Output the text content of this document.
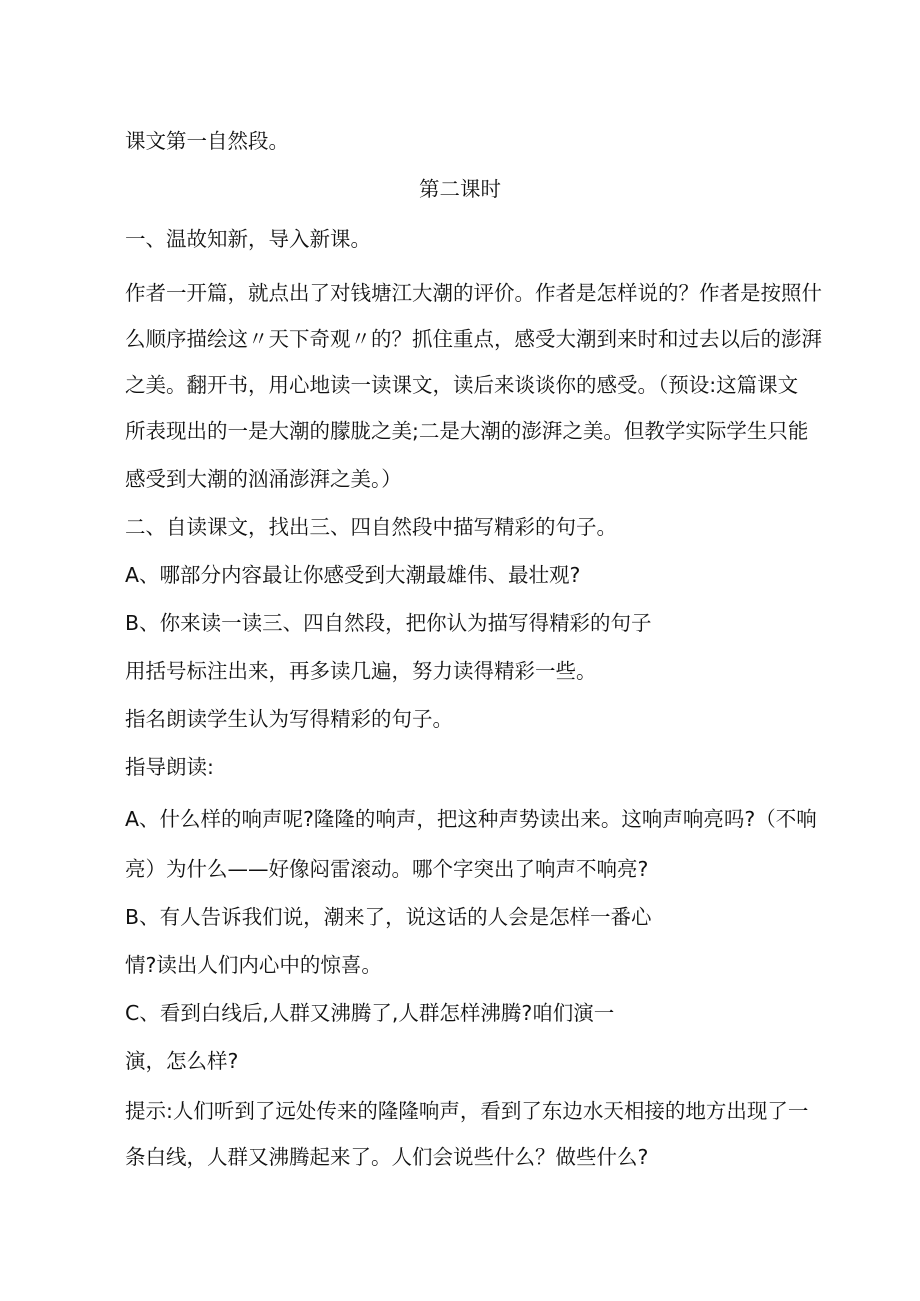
课文第一自然段。
第二课时
一、温故知新，导入新课。
作者一开篇，就点出了对钱塘江大潮的评价。作者是怎样说的？作者是按照什
么顺序描绘这〃天下奇观〃的？抓住重点，感受大潮到来时和过去以后的澎湃
之美。翻开书，用心地读一读课文，读后来谈谈你的感受。（预设:这篇课文
所表现出的一是大潮的朦胧之美;二是大潮的澎湃之美。但教学实际学生只能
感受到大潮的汹涌澎湃之美。）
二、自读课文，找出三、四自然段中描写精彩的句子。
A、哪部分内容最让你感受到大潮最雄伟、最壮观?
B、你来读一读三、四自然段，把你认为描写得精彩的句子
用括号标注出来，再多读几遍，努力读得精彩一些。
指名朗读学生认为写得精彩的句子。
指导朗读:
A、什么样的响声呢?隆隆的响声，把这种声势读出来。这响声响亮吗?（不响
亮）为什么——好像闷雷滚动。哪个字突出了响声不响亮?
B、有人告诉我们说，潮来了，说这话的人会是怎样一番心
情?读出人们内心中的惊喜。
C、看到白线后,人群又沸腾了,人群怎样沸腾?咱们演一
演，怎么样?
提示:人们听到了远处传来的隆隆响声，看到了东边水天相接的地方出现了一
条白线，人群又沸腾起来了。人们会说些什么？做些什么?
